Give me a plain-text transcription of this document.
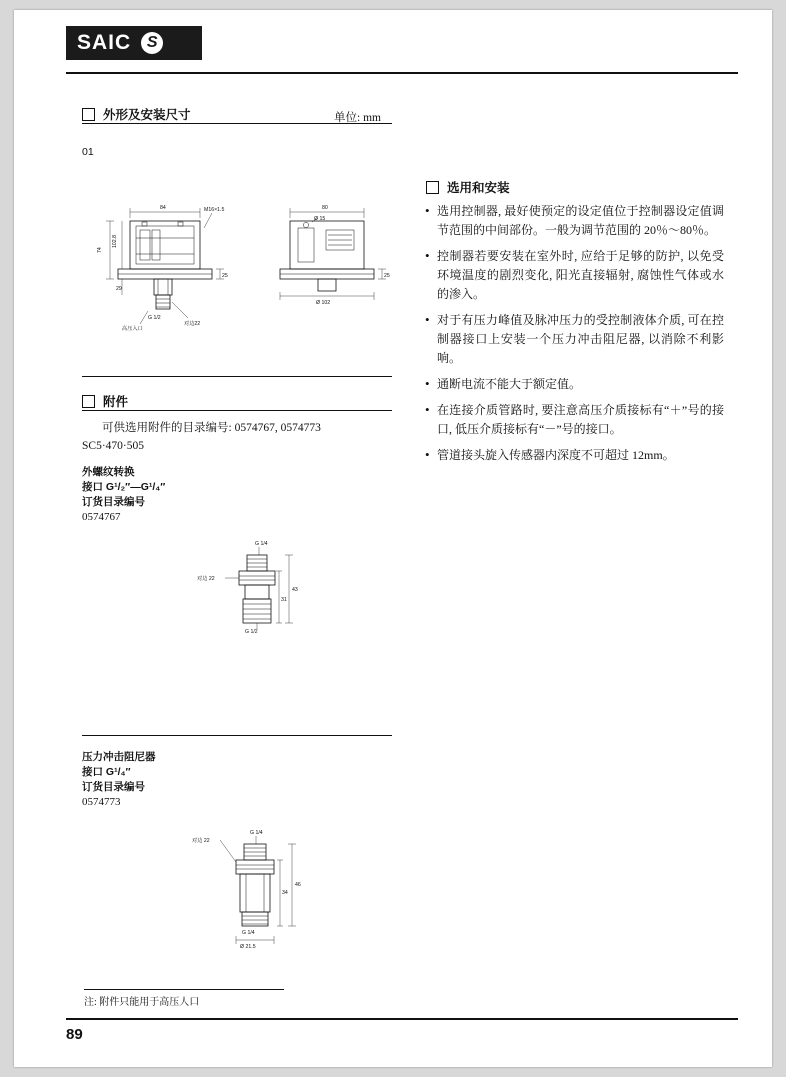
SAIC
S
外形及安装尺寸	单位: mm
01
84	M16×1.5
74
102.8
29
25
高压入口
对边22
G 1/2
80
Ø 15
25
Ø 102
选用和安装
• 选用控制器, 最好使预定的设定值位于控制器设定值调节范围的中间部份。一般为调节范围的 20％～80％。
• 控制器若要安装在室外时, 应给于足够的防护, 以免受环境温度的剧烈变化, 阳光直接辐射, 腐蚀性气体或水的渗入。
• 对于有压力峰值及脉冲压力的受控制液体介质, 可在控制器接口上安装一个压力冲击阻尼器, 以消除不利影响。
• 通断电流不能大于额定值。
• 在连接介质管路时, 要注意高压介质接标有“＋”号的接口, 低压介质接标有“－”号的接口。
• 管道接头旋入传感器内深度不可超过 12mm。
附件
可供选用附件的目录编号: 0574767, 0574773
SC5·470·505
外螺纹转换
接口 G¹/₂″—G¹/₄″
订货目录编号
0574767
G 1/4
G 1/2
对边 22
43
31
压力冲击阻尼器
接口 G¹/₄″
订货目录编号
0574773
G 1/4
G 1/4
Ø 21.5
对边 22
46
34
注: 附件只能用于高压人口
89
